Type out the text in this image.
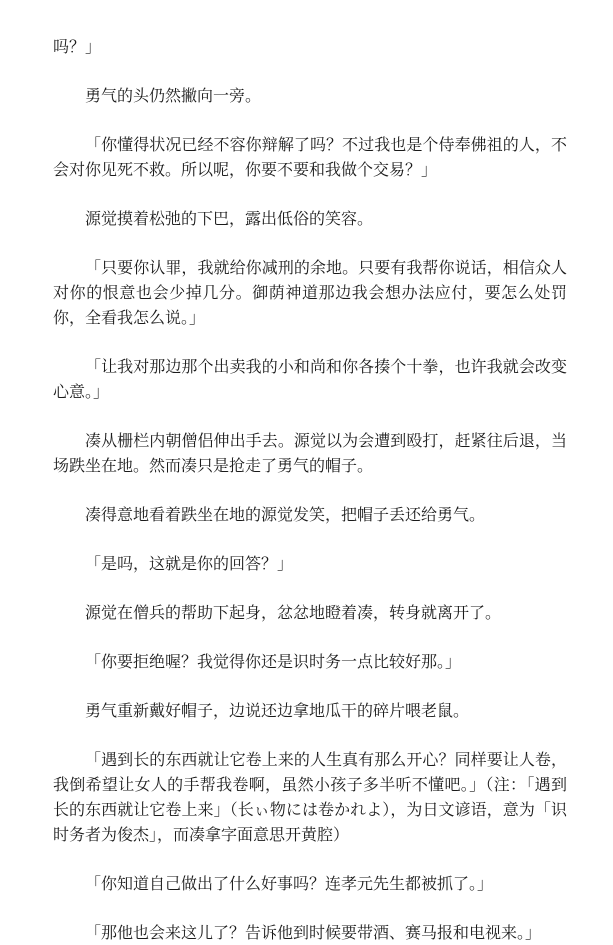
吗？」

勇气的头仍然撇向一旁。

「你懂得状况已经不容你辩解了吗？不过我也是个侍奉佛祖的人，不会对你见死不救。所以呢，你要不要和我做个交易？」

源觉摸着松弛的下巴，露出低俗的笑容。

「只要你认罪，我就给你减刑的余地。只要有我帮你说话，相信众人对你的恨意也会少掉几分。御荫神道那边我会想办法应付，要怎么处罚你，全看我怎么说。」

「让我对那边那个出卖我的小和尚和你各揍个十拳，也许我就会改变心意。」

凑从栅栏内朝僧侣伸出手去。源觉以为会遭到殴打，赶紧往后退，当场跌坐在地。然而凑只是抢走了勇气的帽子。

凑得意地看着跌坐在地的源觉发笑，把帽子丢还给勇气。

「是吗，这就是你的回答？」

源觉在僧兵的帮助下起身，忿忿地瞪着凑，转身就离开了。

「你要拒绝喔？我觉得你还是识时务一点比较好那。」

勇气重新戴好帽子，边说还边拿地瓜干的碎片喂老鼠。

「遇到长的东西就让它卷上来的人生真有那么开心？同样要让人卷，我倒希望让女人的手帮我卷啊，虽然小孩子多半听不懂吧。」（注：「遇到长的东西就让它卷上来」（长ぃ物には卷かれよ），为日文谚语，意为「识时务者为俊杰」，而凑拿字面意思开黄腔）

「你知道自己做出了什么好事吗？连孝元先生都被抓了。」

「那他也会来这儿了？告诉他到时候要带酒、赛马报和电视来。」
